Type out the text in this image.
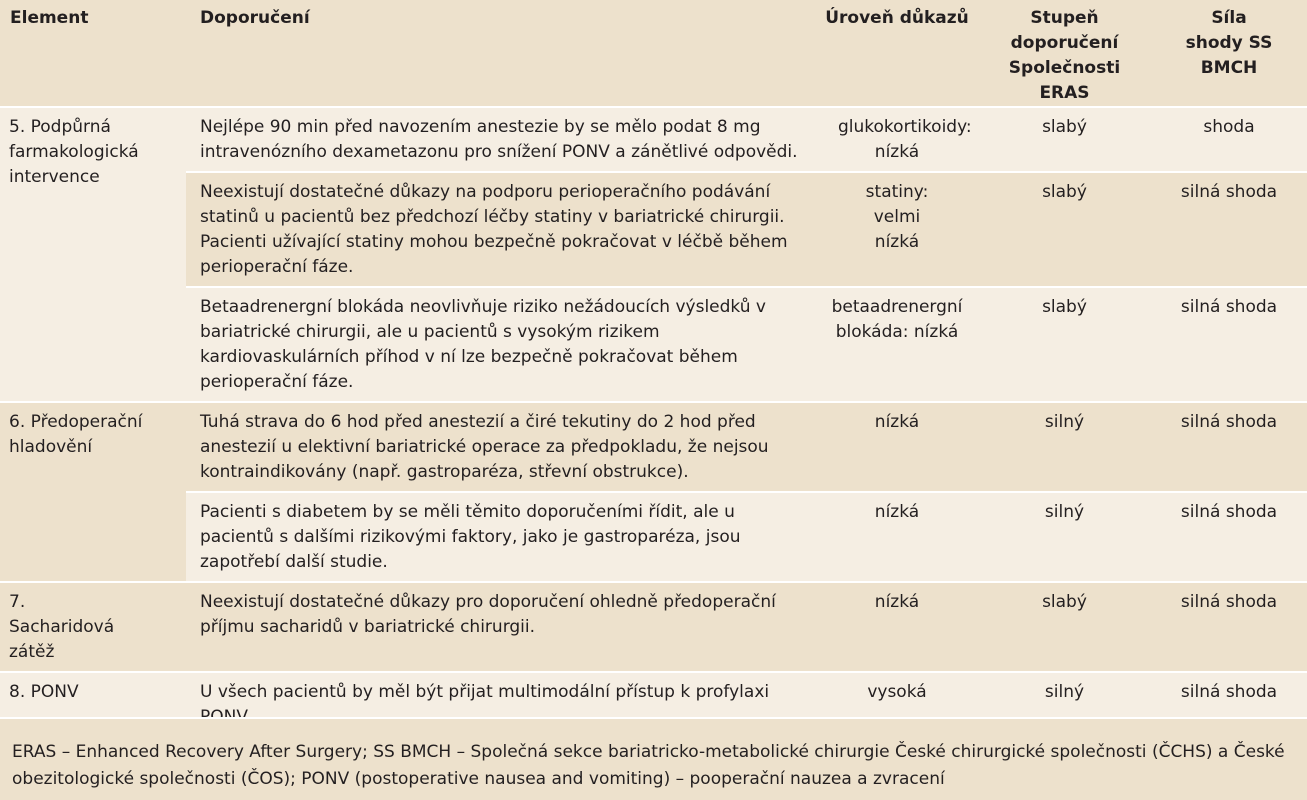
Element	Doporučení	Úroveň důkazů	Stupeň doporučení Společnosti ERAS	Síla shody SS BMCH
5. Podpůrná farmakologická intervence	Nejlépe 90 min před navozením anestezie by se mělo podat 8 mg intravenózního dexametazonu pro snížení PONV a zánětlivé odpovědi.	glukokortikoidy: nízká	slabý	shoda
	Neexistují dostatečné důkazy na podporu perioperačního podávání statinů u pacientů bez předchozí léčby statiny v bariatrické chirurgii. Pacienti užívající statiny mohou bezpečně pokračovat v léčbě během perioperační fáze.	statiny: velmi nízká	slabý	silná shoda
	Betaadrenergní blokáda neovlivňuje riziko nežádoucích výsledků v bariatrické chirurgii, ale u pacientů s vysokým rizikem kardiovaskulárních příhod v ní lze bezpečně pokračovat během perioperační fáze.	betaadrenergní blokáda: nízká	slabý	silná shoda
6. Předoperační hladovění	Tuhá strava do 6 hod před anestezií a čiré tekutiny do 2 hod před anestezií u elektivní bariatrické operace za předpokladu, že nejsou kontraindikovány (např. gastroparéza, střevní obstrukce).	nízká	silný	silná shoda
	Pacienti s diabetem by se měli těmito doporučeními řídit, ale u pacientů s dalšími rizikovými faktory, jako je gastroparéza, jsou zapotřebí další studie.	nízká	silný	silná shoda
7. Sacharidová zátěž	Neexistují dostatečné důkazy pro doporučení ohledně předoperační příjmu sacharidů v bariatrické chirurgii.	nízká	slabý	silná shoda
8. PONV	U všech pacientů by měl být přijat multimodální přístup k profylaxi	vysoká	silný	silná shoda
ERAS – Enhanced Recovery After Surgery; SS BMCH – Společná sekce bariatricko-metabolické chirurgie České chirurgické společnosti (ČCHS) a České obezitologické společnosti (ČOS); PONV (postoperative nausea and vomiting) – pooperační nauzea a zvracení
